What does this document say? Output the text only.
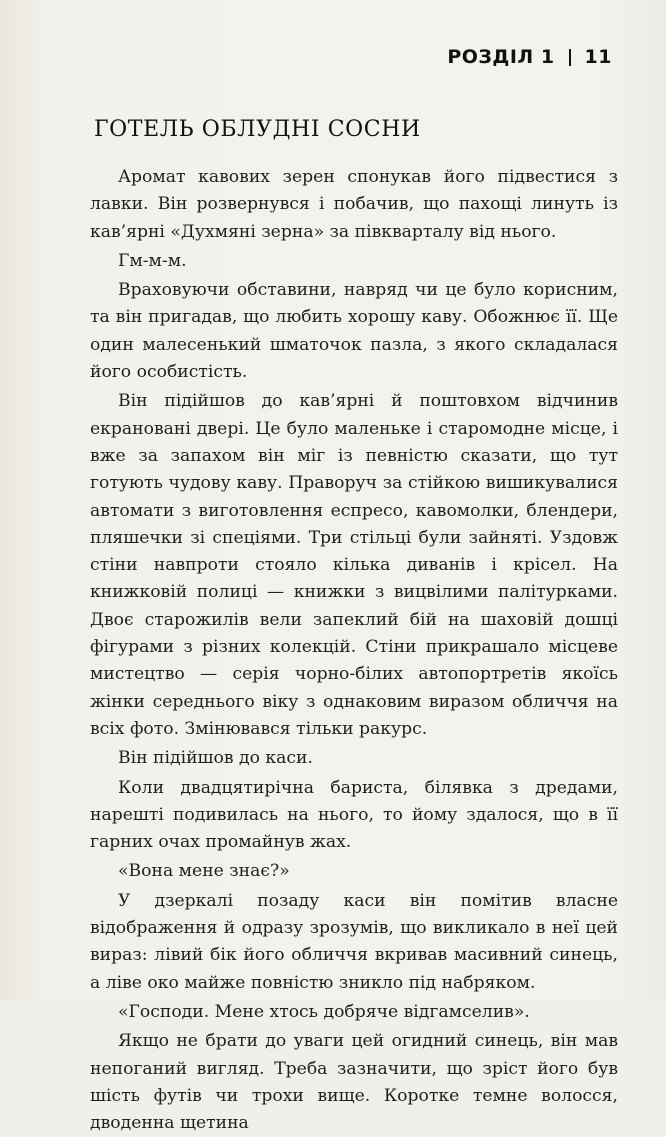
РОЗДІЛ 1 11
ГОТЕЛЬ ОБЛУДНІ СОСНИ

Аромат кавових зерен спонукав його підвестися з лавки. Він розвернувся і побачив, що пахощі линуть із кав’ярні «Духмяні зерна» за півкварталу від нього.

Гм-м-м.

Враховуючи обставини, навряд чи це було корисним, та він пригадав, що любить хорошу каву. Обожнює її. Ще один малесенький шматочок пазла, з якого складалася його особистість.

Він підійшов до кав’ярні й поштовхом відчинив екрановані двері. Це було маленьке і старомодне місце, і вже за запахом він міг із певністю сказати, що тут готують чудову каву. Праворуч за стійкою вишикувалися автомати з виготовлення еспресо, кавомолки, блендери, пляшечки зі спеціями. Три стільці були зайняті. Уздовж стіни навпроти стояло кілька диванів і крісел. На книжковій полиці — книжки з вицвілими палітурками. Двоє старожилів вели запеклий бій на шаховій дошці фігурами з різних колекцій. Стіни прикрашало місцеве мистецтво — серія чорно-білих автопортретів якоїсь жінки середнього віку з однаковим виразом обличчя на всіх фото. Змінювався тільки ракурс.

Він підійшов до каси.

Коли двадцятирічна бариста, білявка з дредами, нарешті подивилась на нього, то йому здалося, що в її гарних очах промайнув жах.

«Вона мене знає?»

У дзеркалі позаду каси він помітив власне відображення й одразу зрозумів, що викликало в неї цей вираз: лівий бік його обличчя вкривав масивний синець, а ліве око майже повністю зникло під набряком.

«Господи. Мене хтось добряче відгамселив».

Якщо не брати до уваги цей огидний синець, він мав непоганий вигляд. Треба зазначити, що зріст його був шість футів чи трохи вище. Коротке темне волосся, дводенна щетина
